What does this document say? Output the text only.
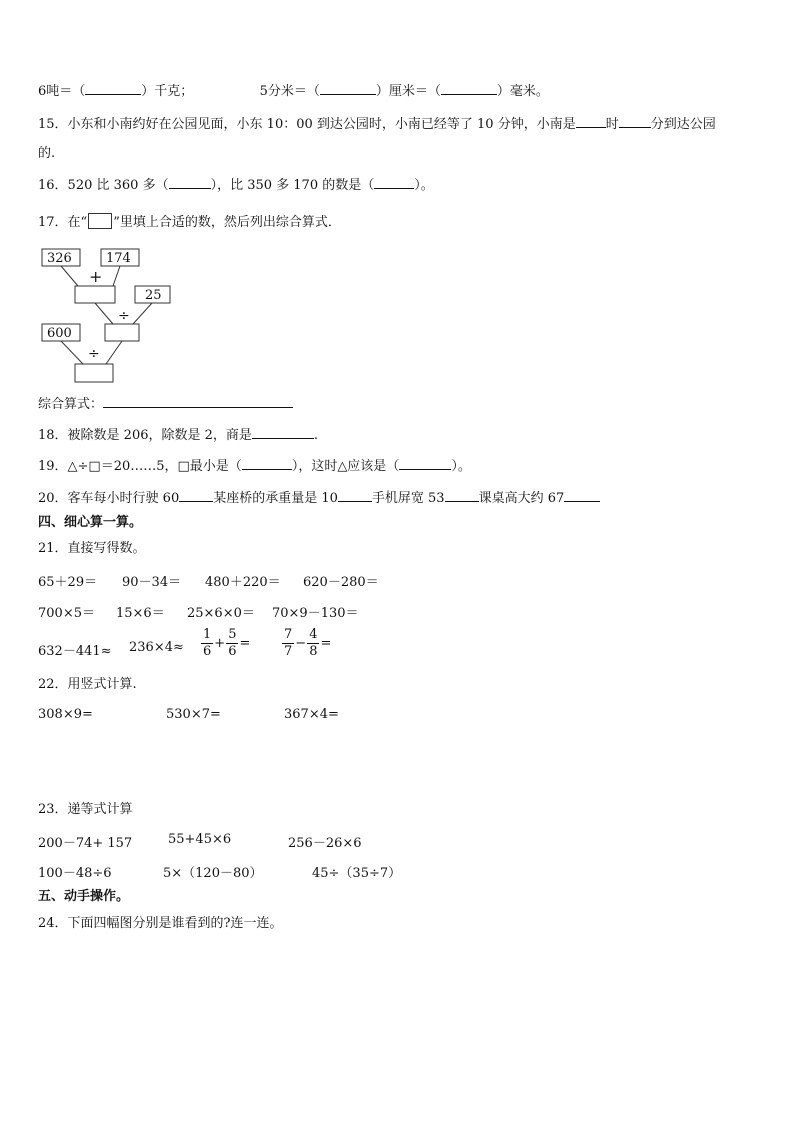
6吨＝（	）千克；	5分米＝（	）厘米＝（	）毫米。
15．小东和小南约好在公园见面，小东 10：00 到达公园时，小南已经等了 10 分钟，小南是 时 分到达公园
的.
16．520 比 360 多（	），比 350 多 170 的数是（	）。
17．在“ ”里填上合适的数，然后列出综合算式．
326	174
25
600
+
÷
÷
综合算式：
18．被除数是 206，除数是 2，商是	.
19．△÷□＝20……5，□最小是（	），这时△应该是（	）。
20．客车每小时行驶 60	某座桥的承重量是 10	手机屏宽 53	课桌高大约 67
四、细心算一算。
21．直接写得数。
65＋29＝ 90－34＝ 480＋220＝ 620－280＝
700×5＝ 15×6＝ 25×6×0＝ 70×9－130＝
$632-441\approx 236\times 4\approx \frac{1}{6} + \frac{5}{6} = \frac{7}{7} - \frac{4}{8}$ =
22．用竖式计算.
308×9=	530×7=	367×4=
23．递等式计算
200－74+ 157	55+45×6	256－26×6
100－48÷6	5×（120－80）	45÷（35÷7）
五、动手操作。
24．下面四幅图分别是谁看到的?连一连。
